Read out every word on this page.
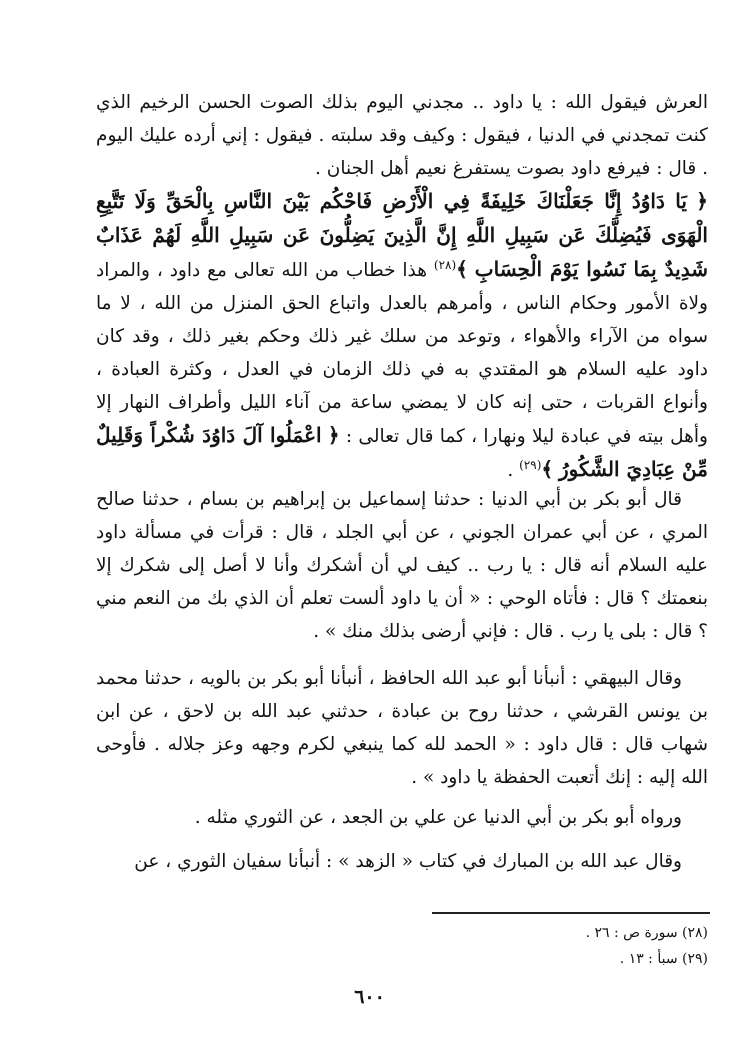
العرش فيقول الله : يا داود .. مجدني اليوم بذلك الصوت الحسن الرخيم الذي كنت تمجدني في الدنيا ، فيقول : وكيف وقد سلبته . فيقول : إني أرده عليك اليوم . قال : فيرفع داود بصوت يستفرغ نعيم أهل الجنان .

﴿ يَا دَاوُدُ إِنَّا جَعَلْنَاكَ خَلِيفَةً فِي الْأَرْضِ فَاحْكُم بَيْنَ النَّاسِ بِالْحَقِّ وَلَا تَتَّبِعِ الْهَوَى فَيُضِلَّكَ عَن سَبِيلِ اللَّهِ إِنَّ الَّذِينَ يَضِلُّونَ عَن سَبِيلِ اللَّهِ لَهُمْ عَذَابٌ شَدِيدٌ بِمَا نَسُوا يَوْمَ الْحِسَابِ ﴾$^{(٢٨)}$ هذا خطاب من الله تعالى مع داود ، والمراد ولاة الأمور وحكام الناس ، وأمرهم بالعدل واتباع الحق المنزل من الله ، لا ما سواه من الآراء والأهواء ، وتوعد من سلك غير ذلك وحكم بغير ذلك ، وقد كان داود عليه السلام هو المقتدي به في ذلك الزمان في العدل ، وكثرة العبادة ، وأنواع القربات ، حتى إنه كان لا يمضي ساعة من آناء الليل وأطراف النهار إلا وأهل بيته في عبادة ليلا ونهارا ، كما قال تعالى : ﴿ اعْمَلُوا آلَ دَاوُدَ شُكْراً وَقَلِيلٌ مِّنْ عِبَادِيَ الشَّكُورُ ﴾$^{(٢٩)}$ .

قال أبو بكر بن أبي الدنيا : حدثنا إسماعيل بن إبراهيم بن بسام ، حدثنا صالح المري ، عن أبي عمران الجوني ، عن أبي الجلد ، قال : قرأت في مسألة داود عليه السلام أنه قال : يا رب .. كيف لي أن أشكرك وأنا لا أصل إلى شكرك إلا بنعمتك ؟ قال : فأتاه الوحي : « أن يا داود ألست تعلم أن الذي بك من النعم مني ؟ قال : بلى يا رب . قال : فإني أرضى بذلك منك » .

وقال البيهقي : أنبأنا أبو عبد الله الحافظ ، أنبأنا أبو بكر بن بالويه ، حدثنا محمد بن يونس القرشي ، حدثنا روح بن عبادة ، حدثني عبد الله بن لاحق ، عن ابن شهاب قال : قال داود : « الحمد لله كما ينبغي لكرم وجهه وعز جلاله . فأوحى الله إليه : إنك أتعبت الحفظة يا داود » .

ورواه أبو بكر بن أبي الدنيا عن علي بن الجعد ، عن الثوري مثله .

وقال عبد الله بن المبارك في كتاب « الزهد » : أنبأنا سفيان الثوري ، عن

(٢٨) سورة ص : ٢٦ .
(٢٩) سبأ : ١٣ .
٦٠٠
